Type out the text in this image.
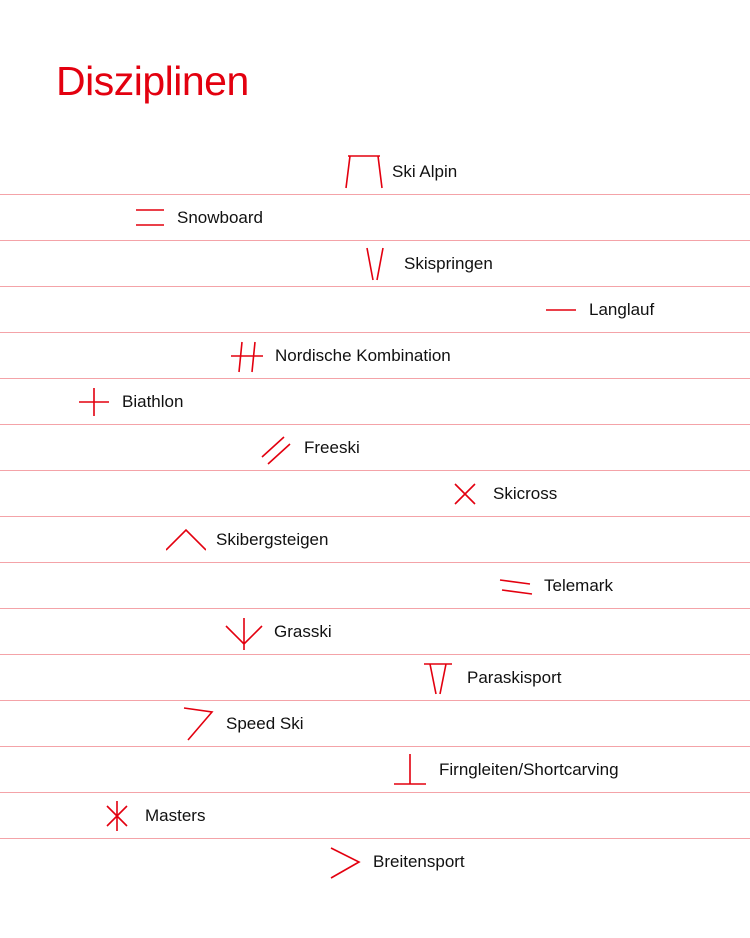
Disziplinen
Ski Alpin
Snowboard
Skispringen
Langlauf
Nordische Kombination
Biathlon
Freeski
Skicross
Skibergsteigen
Telemark
Grasski
Paraskisport
Speed Ski
Firngleiten/Shortcarving
Masters
Breitensport
